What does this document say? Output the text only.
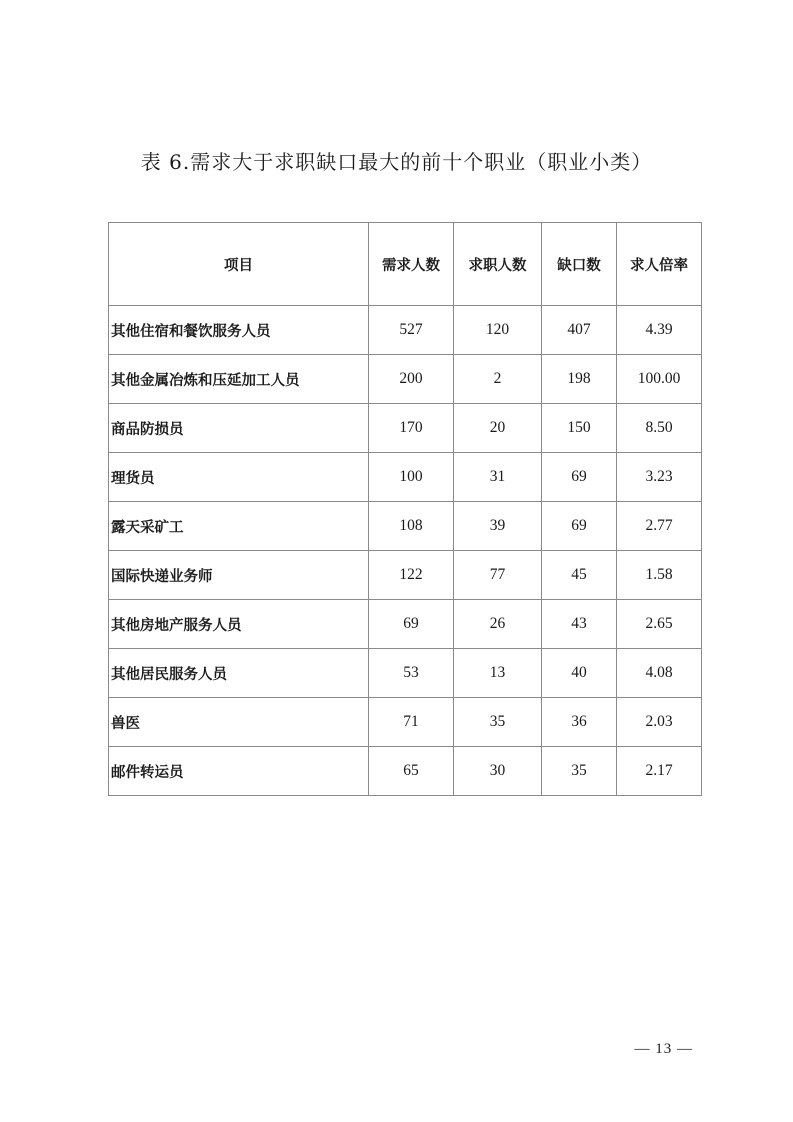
表 6.需求大于求职缺口最大的前十个职业（职业小类）
项目	需求人数	求职人数	缺口数	求人倍率
其他住宿和餐饮服务人员	527	120	407	4.39
其他金属冶炼和压延加工人员	200	2	198	100.00
商品防损员	170	20	150	8.50
理货员	100	31	69	3.23
露天采矿工	108	39	69	2.77
国际快递业务师	122	77	45	1.58
其他房地产服务人员	69	26	43	2.65
其他居民服务人员	53	13	40	4.08
兽医	71	35	36	2.03
邮件转运员	65	30	35	2.17
— 13 —
